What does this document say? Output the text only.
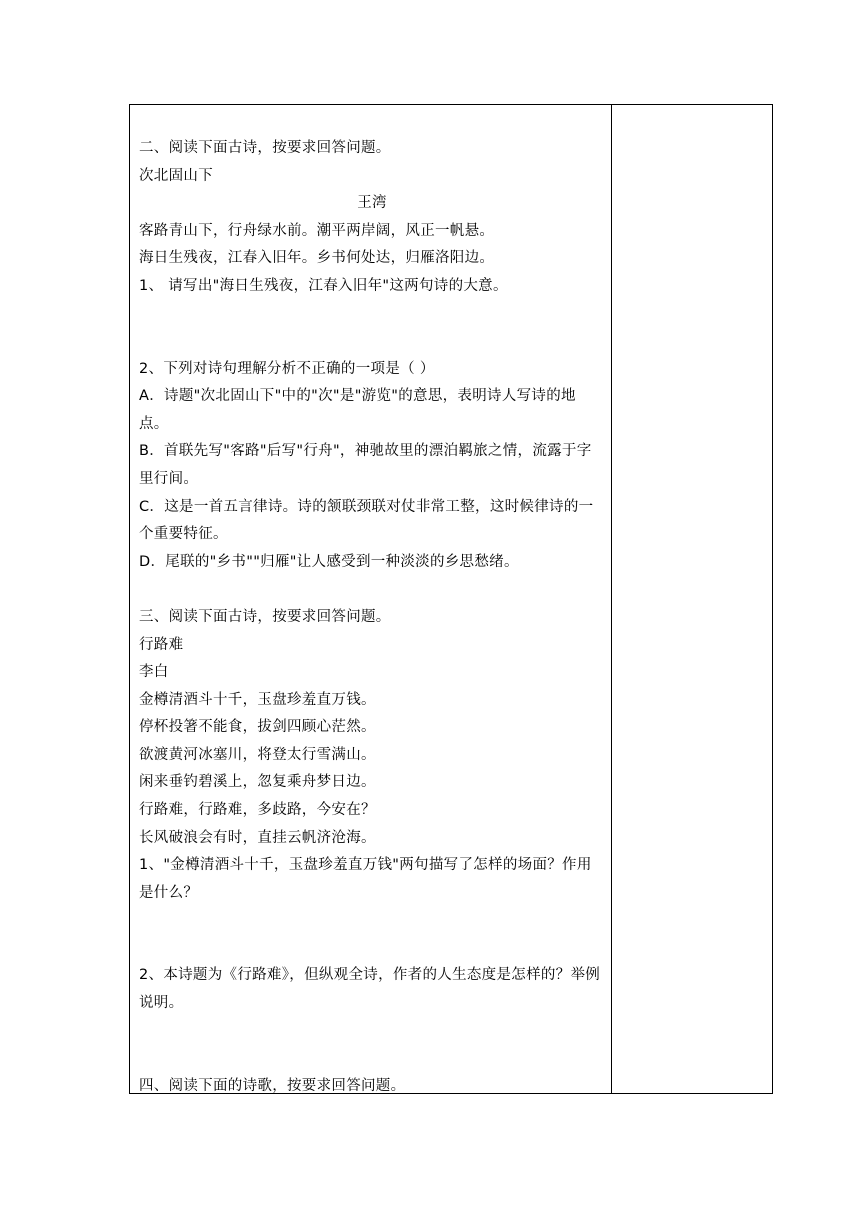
二、阅读下面古诗，按要求回答问题。
次北固山下
王湾
客路青山下，行舟绿水前。潮平两岸阔，风正一帆悬。
海日生残夜，江春入旧年。乡书何处达，归雁洛阳边。
1、 请写出"海日生残夜，江春入旧年"这两句诗的大意。
2、下列对诗句理解分析不正确的一项是（ ）
A．诗题"次北固山下"中的"次"是"游览"的意思，表明诗人写诗的地点。
B．首联先写"客路"后写"行舟"，神驰故里的漂泊羁旅之情，流露于字里行间。
C．这是一首五言律诗。诗的颔联颈联对仗非常工整，这时候律诗的一个重要特征。
D．尾联的"乡书""归雁"让人感受到一种淡淡的乡思愁绪。
三、阅读下面古诗，按要求回答问题。
行路难
李白
金樽清酒斗十千，玉盘珍羞直万钱。
停杯投箸不能食，拔剑四顾心茫然。
欲渡黄河冰塞川，将登太行雪满山。
闲来垂钓碧溪上，忽复乘舟梦日边。
行路难，行路难，多歧路，今安在？
长风破浪会有时，直挂云帆济沧海。
1、"金樽清酒斗十千，玉盘珍羞直万钱"两句描写了怎样的场面？作用是什么？
2、本诗题为《行路难》，但纵观全诗，作者的人生态度是怎样的？举例说明。
四、阅读下面的诗歌，按要求回答问题。
